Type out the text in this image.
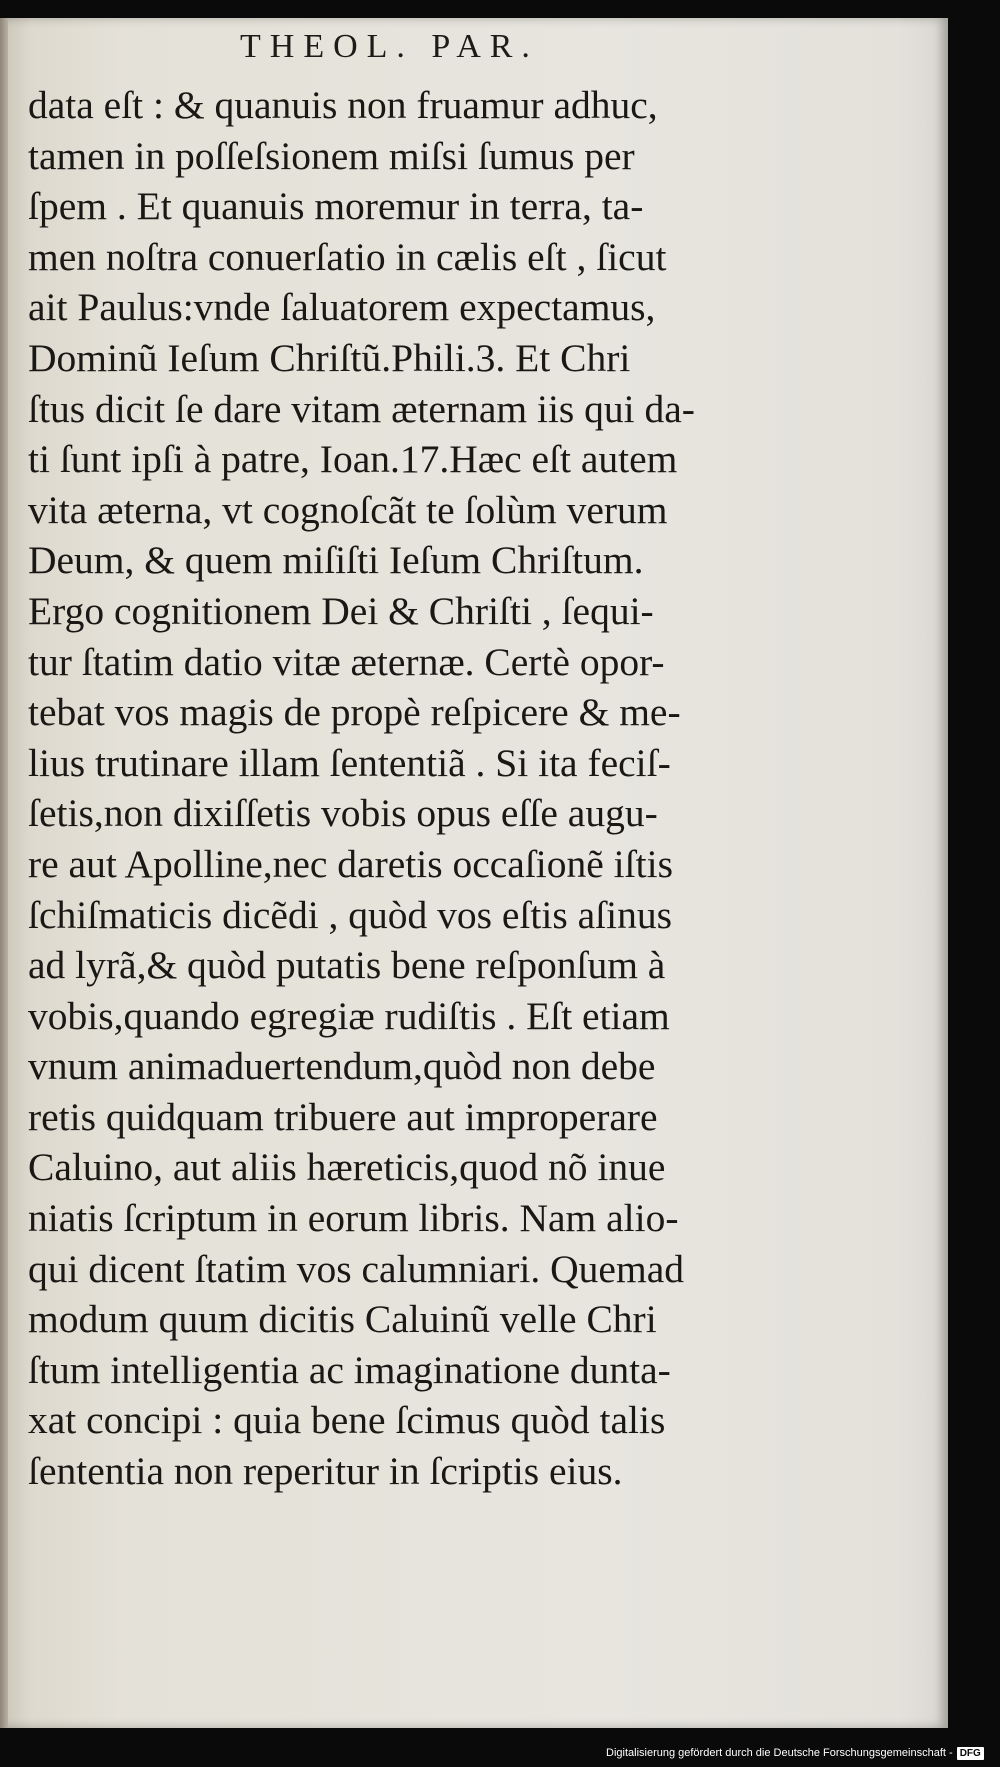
THEOL. PAR.
data eſt : & quanuis non fruamur adhuc,
tamen in poſſeſsionem miſsi ſumus per
ſpem . Et quanuis moremur in terra, ta-
men noſtra conuerſatio in cælis eſt , ſicut
ait Paulus:vnde ſaluatorem expectamus,
Dominũ Ieſum Chriſtũ.Phili.3. Et Chri
ſtus dicit ſe dare vitam æternam iis qui da-
ti ſunt ipſi à patre, Ioan.17.Hæc eſt autem
vita æterna, vt cognoſcãt te ſolùm verum
Deum, & quem miſiſti Ieſum Chriſtum.
Ergo cognitionem Dei & Chriſti , ſequi-
tur ſtatim datio vitæ æternæ. Certè opor-
tebat vos magis de propè reſpicere & me-
lius trutinare illam ſententiã . Si ita feciſ-
ſetis,non dixiſſetis vobis opus eſſe augu-
re aut Apolline,nec daretis occaſionẽ iſtis
ſchiſmaticis dicẽdi , quòd vos eſtis aſinus
ad lyrã,& quòd putatis bene reſponſum à
vobis,quando egregiæ rudiſtis . Eſt etiam
vnum animaduertendum,quòd non debe
retis quidquam tribuere aut improperare
Caluino, aut aliis hæreticis,quod nõ inue
niatis ſcriptum in eorum libris. Nam alio-
qui dicent ſtatim vos calumniari. Quemad
modum quum dicitis Caluinũ velle Chri
ſtum intelligentia ac imaginatione dunta-
xat concipi : quia bene ſcimus quòd talis
ſententia non reperitur in ſcriptis eius.
Digitalisierung gefördert durch die Deutsche Forschungsgemeinschaft - DFG
